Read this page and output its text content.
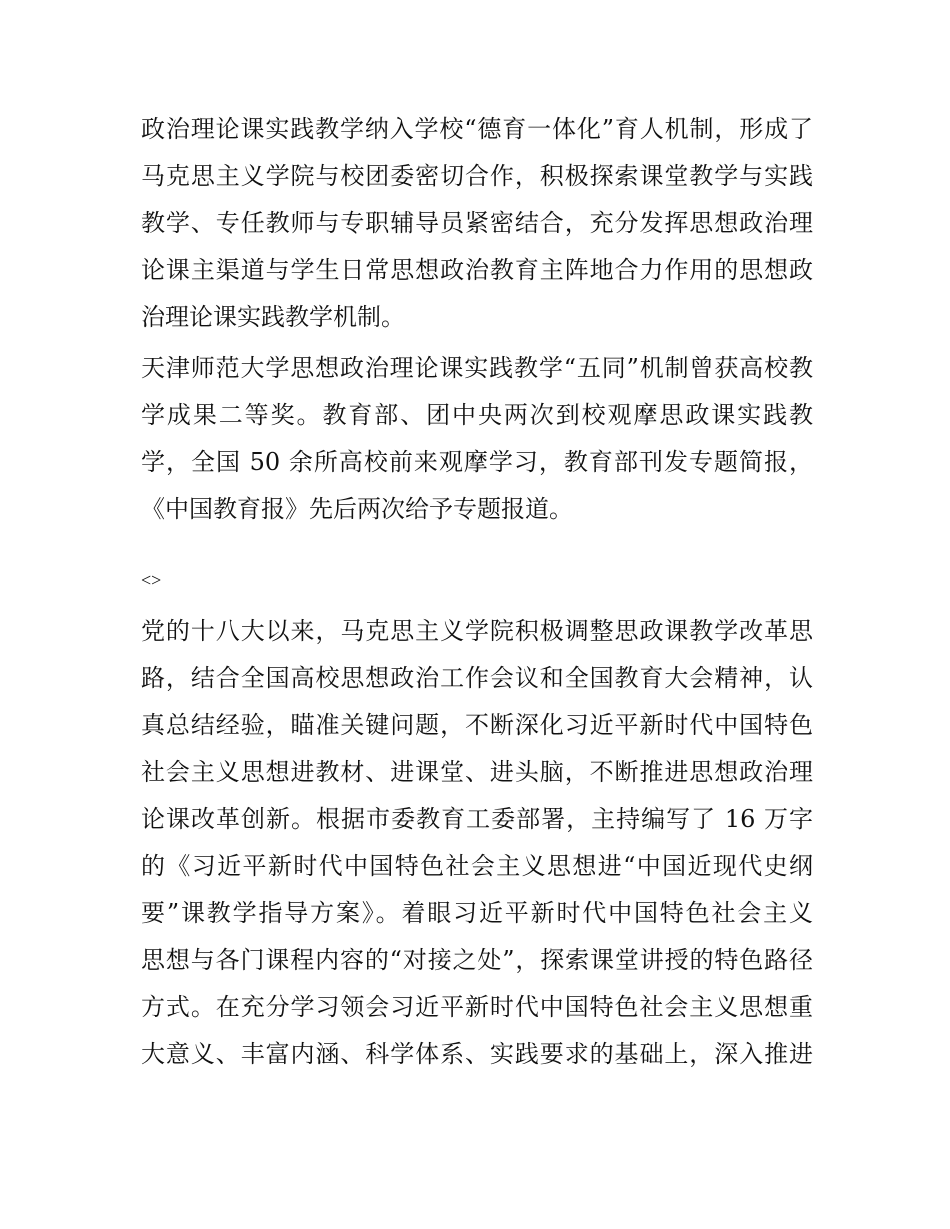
政治理论课实践教学纳入学校“德育一体化”育人机制，形成了
马克思主义学院与校团委密切合作，积极探索课堂教学与实践
教学、专任教师与专职辅导员紧密结合，充分发挥思想政治理
论课主渠道与学生日常思想政治教育主阵地合力作用的思想政
治理论课实践教学机制。
天津师范大学思想政治理论课实践教学“五同”机制曾获高校教
学成果二等奖。教育部、团中央两次到校观摩思政课实践教
学，全国 50 余所高校前来观摩学习，教育部刊发专题简报，
《中国教育报》先后两次给予专题报道。
<>
党的十八大以来，马克思主义学院积极调整思政课教学改革思
路，结合全国高校思想政治工作会议和全国教育大会精神，认
真总结经验，瞄准关键问题，不断深化习近平新时代中国特色
社会主义思想进教材、进课堂、进头脑，不断推进思想政治理
论课改革创新。根据市委教育工委部署，主持编写了 16 万字
的《习近平新时代中国特色社会主义思想进“中国近现代史纲
要”课教学指导方案》。着眼习近平新时代中国特色社会主义
思想与各门课程内容的“对接之处”，探索课堂讲授的特色路径
方式。在充分学习领会习近平新时代中国特色社会主义思想重
大意义、丰富内涵、科学体系、实践要求的基础上，深入推进
